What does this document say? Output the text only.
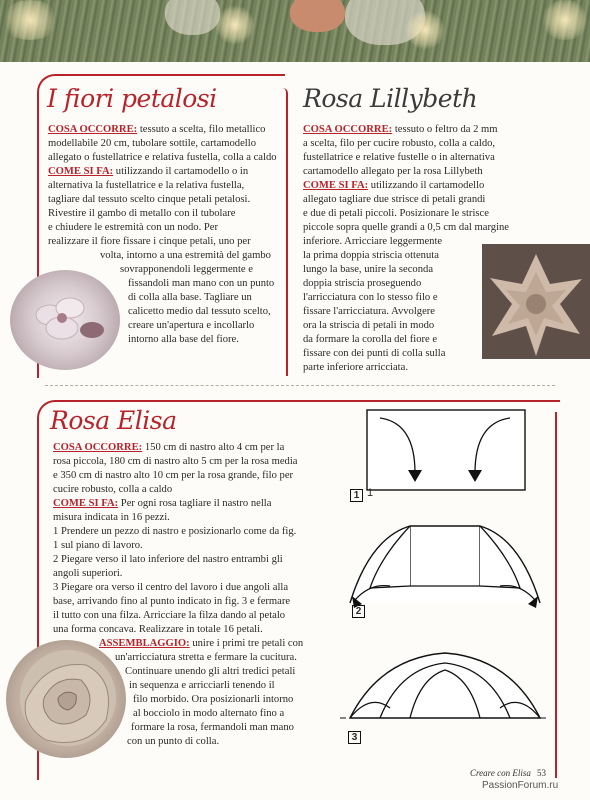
I fiori petalosi

COSA OCCORRE: tessuto a scelta, filo metallico modellabile 20 cm, tubolare sottile, cartamodello allegato o fustellatrice e relativa fustella, colla a caldo

COME SI FA: utilizzando il cartamodello o in

alternativa la fustellatrice e la relativa fustella,

tagliare dal tessuto scelto cinque petali petalosi.

Rivestire il gambo di metallo con il tubolare

e chiudere le estremità con un nodo. Per

realizzare il fiore fissare i cinque petali, uno per

volta, intorno a una estremità del gambo

sovrapponendoli leggermente e

fissandoli man mano con un punto

di colla alla base. Tagliare un

calicetto medio dal tessuto scelto,

creare un'apertura e incollarlo

intorno alla base del fiore.

Rosa Lillybeth

COSA OCCORRE: tessuto o feltro da 2 mm

a scelta, filo per cucire robusto, colla a caldo,

fustellatrice e relative fustelle o in alternativa

cartamodello allegato per la rosa Lillybeth

COME SI FA: utilizzando il cartamodello

allegato tagliare due strisce di petali grandi

e due di petali piccoli. Posizionare le strisce

piccole sopra quelle grandi a 0,5 cm dal margine

inferiore. Arricciare leggermente

la prima doppia striscia ottenuta

lungo la base, unire la seconda

doppia striscia proseguendo

l'arricciatura con lo stesso filo e

fissare l'arricciatura. Avvolgere

ora la striscia di petali in modo

da formare la corolla del fiore e

fissare con dei punti di colla sulla

parte inferiore arricciata.

Rosa Elisa

COSA OCCORRE: 150 cm di nastro alto 4 cm per la

rosa piccola, 180 cm di nastro alto 5 cm per la rosa media

e 350 cm di nastro alto 10 cm per la rosa grande, filo per

cucire robusto, colla a caldo

COME SI FA: Per ogni rosa tagliare il nastro nella

misura indicata in 16 pezzi.

1 Prendere un pezzo di nastro e posizionarlo come da fig.

1 sul piano di lavoro.

2 Piegare verso il lato inferiore del nastro entrambi gli

angoli superiori.

3 Piegare ora verso il centro del lavoro i due angoli alla

base, arrivando fino al punto indicato in fig. 3 e fermare

il tutto con una filza. Arricciare la filza dando al petalo

una forma concava. Realizzare in totale 16 petali.

ASSEMBLAGGIO: unire i primi tre petali con

un'arricciatura stretta e fermare la cucitura.

Continuare unendo gli altri tredici petali

in sequenza e arricciarli tenendo il

filo morbido. Ora posizionarli intorno

al bocciolo in modo alternato fino a

formare la rosa, fermandoli man mano

con un punto di colla.

1 1
2
3
Creare con Elisa 53
PassionForum.ru
